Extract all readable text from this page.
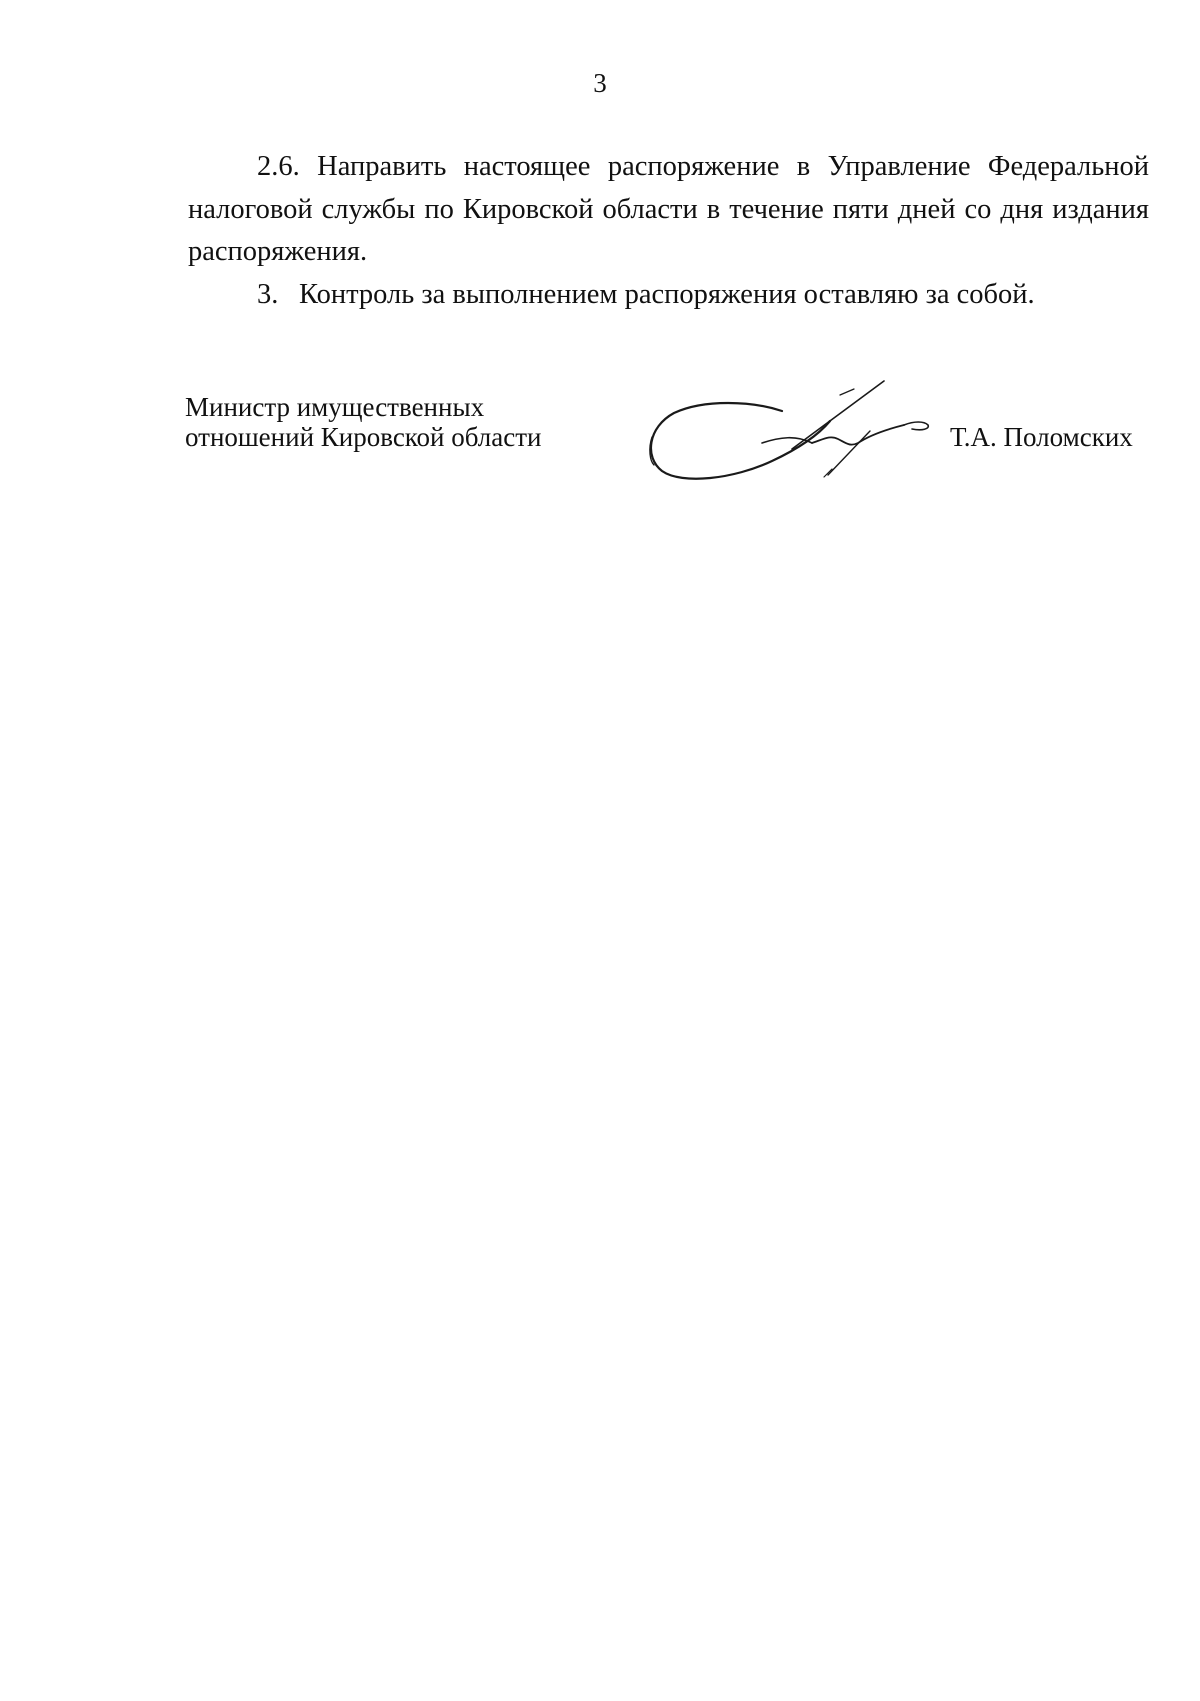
3

2.6. Направить настоящее распоряжение в Управление Федеральной налоговой службы по Кировской области в течение пяти дней со дня издания распоряжения.

3. Контроль за выполнением распоряжения оставляю за собой.

Министр имущественных
отношений Кировской области	Т.А. Поломских
